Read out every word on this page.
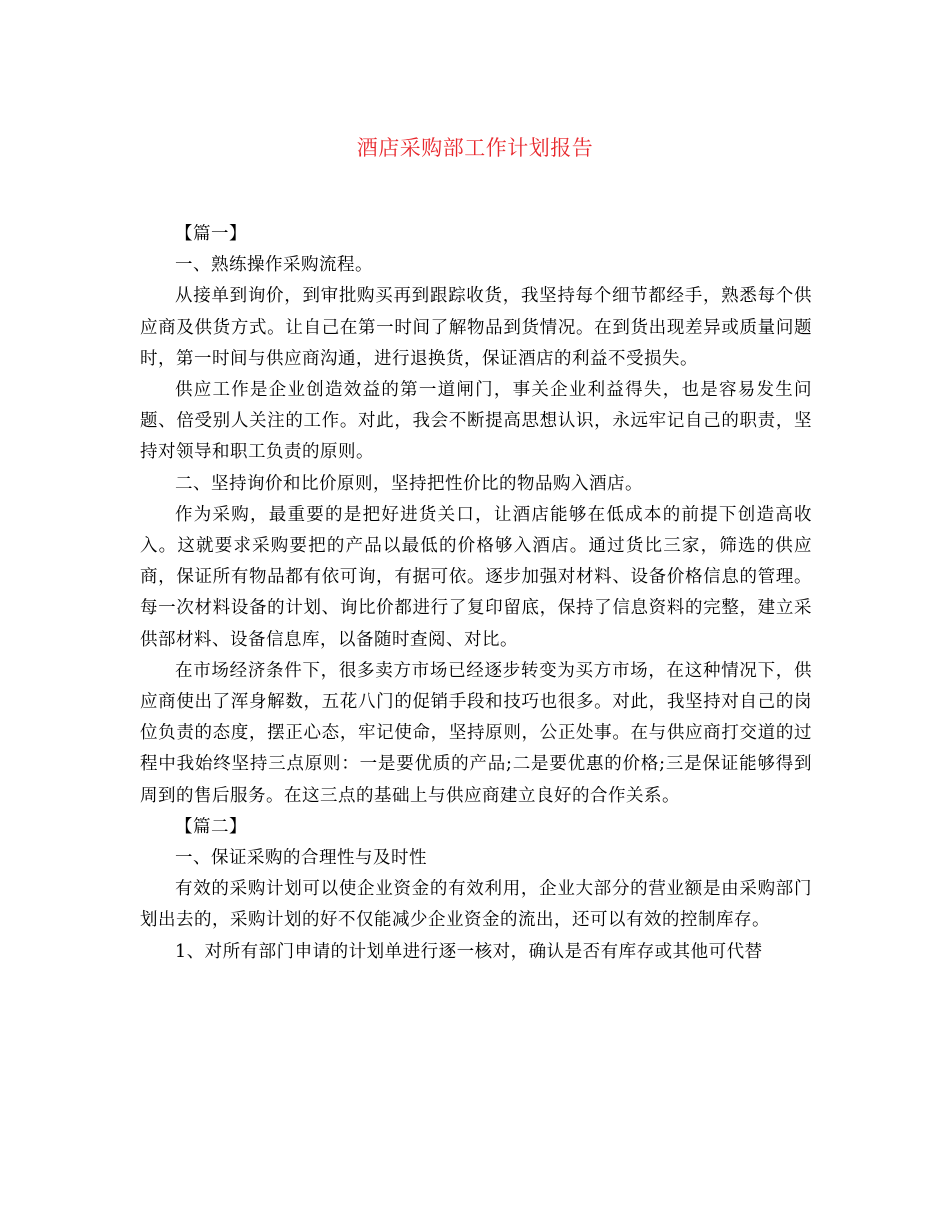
酒店采购部工作计划报告

【篇一】

一、熟练操作采购流程。

从接单到询价，到审批购买再到跟踪收货，我坚持每个细节都经手，熟悉每个供应商及供货方式。让自己在第一时间了解物品到货情况。在到货出现差异或质量问题时，第一时间与供应商沟通，进行退换货，保证酒店的利益不受损失。

供应工作是企业创造效益的第一道闸门，事关企业利益得失，也是容易发生问题、倍受别人关注的工作。对此，我会不断提高思想认识，永远牢记自己的职责，坚持对领导和职工负责的原则。

二、坚持询价和比价原则，坚持把性价比的物品购入酒店。

作为采购，最重要的是把好进货关口，让酒店能够在低成本的前提下创造高收入。这就要求采购要把的产品以最低的价格够入酒店。通过货比三家，筛选的供应商，保证所有物品都有依可询，有据可依。逐步加强对材料、设备价格信息的管理。每一次材料设备的计划、询比价都进行了复印留底，保持了信息资料的完整，建立采供部材料、设备信息库，以备随时查阅、对比。

在市场经济条件下，很多卖方市场已经逐步转变为买方市场，在这种情况下，供应商使出了浑身解数，五花八门的促销手段和技巧也很多。对此，我坚持对自己的岗位负责的态度，摆正心态，牢记使命，坚持原则，公正处事。在与供应商打交道的过程中我始终坚持三点原则：一是要优质的产品;二是要优惠的价格;三是保证能够得到周到的售后服务。在这三点的基础上与供应商建立良好的合作关系。

【篇二】

一、保证采购的合理性与及时性

有效的采购计划可以使企业资金的有效利用，企业大部分的营业额是由采购部门划出去的，采购计划的好不仅能减少企业资金的流出，还可以有效的控制库存。

1、对所有部门申请的计划单进行逐一核对，确认是否有库存或其他可代替
